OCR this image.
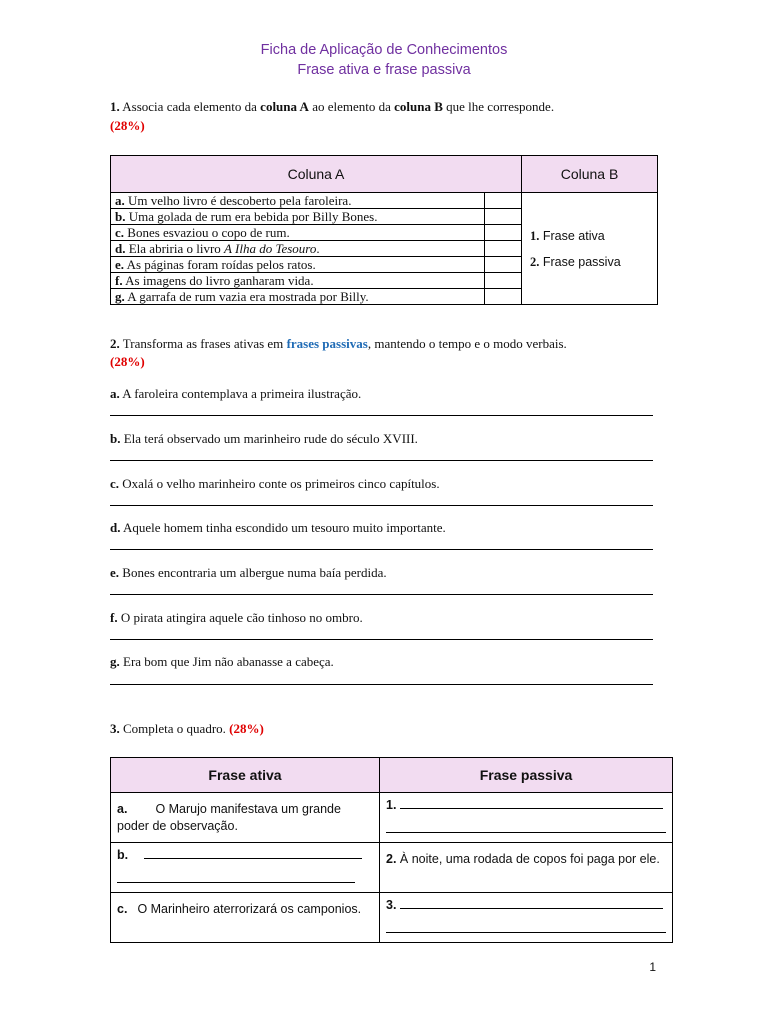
Ficha de Aplicação de Conhecimentos
Frase ativa e frase passiva
1. Associa cada elemento da coluna A ao elemento da coluna B que lhe corresponde.
(28%)
Coluna A		Coluna B
a. Um velho livro é descoberto pela faroleira.		1. Frase ativa
2. Frase passiva

b. Uma golada de rum era bebida por Billy Bones.		
c. Bones esvaziou o copo de rum.		
d. Ela abriria o livro A Ilha do Tesouro.		
e. As páginas foram roídas pelos ratos.		
f. As imagens do livro ganharam vida.		
g. A garrafa de rum vazia era mostrada por Billy.		
2. Transforma as frases ativas em frases passivas, mantendo o tempo e o modo verbais.
(28%)
a. A faroleira contemplava a primeira ilustração.
b. Ela terá observado um marinheiro rude do século XVIII.
c. Oxalá o velho marinheiro conte os primeiros cinco capítulos.
d. Aquele homem tinha escondido um tesouro muito importante.
e. Bones encontraria um albergue numa baía perdida.
f. O pirata atingira aquele cão tinhoso no ombro.
g. Era bom que Jim não abanasse a cabeça.
3. Completa o quadro. (28%)
Frase ativa	Frase passiva
a. O Marujo manifestava um grande poder de observação.	1.

b.	2. À noite, uma rodada de copos foi paga por ele.
c. O Marinheiro aterrorizará os camponios.	3.
1
